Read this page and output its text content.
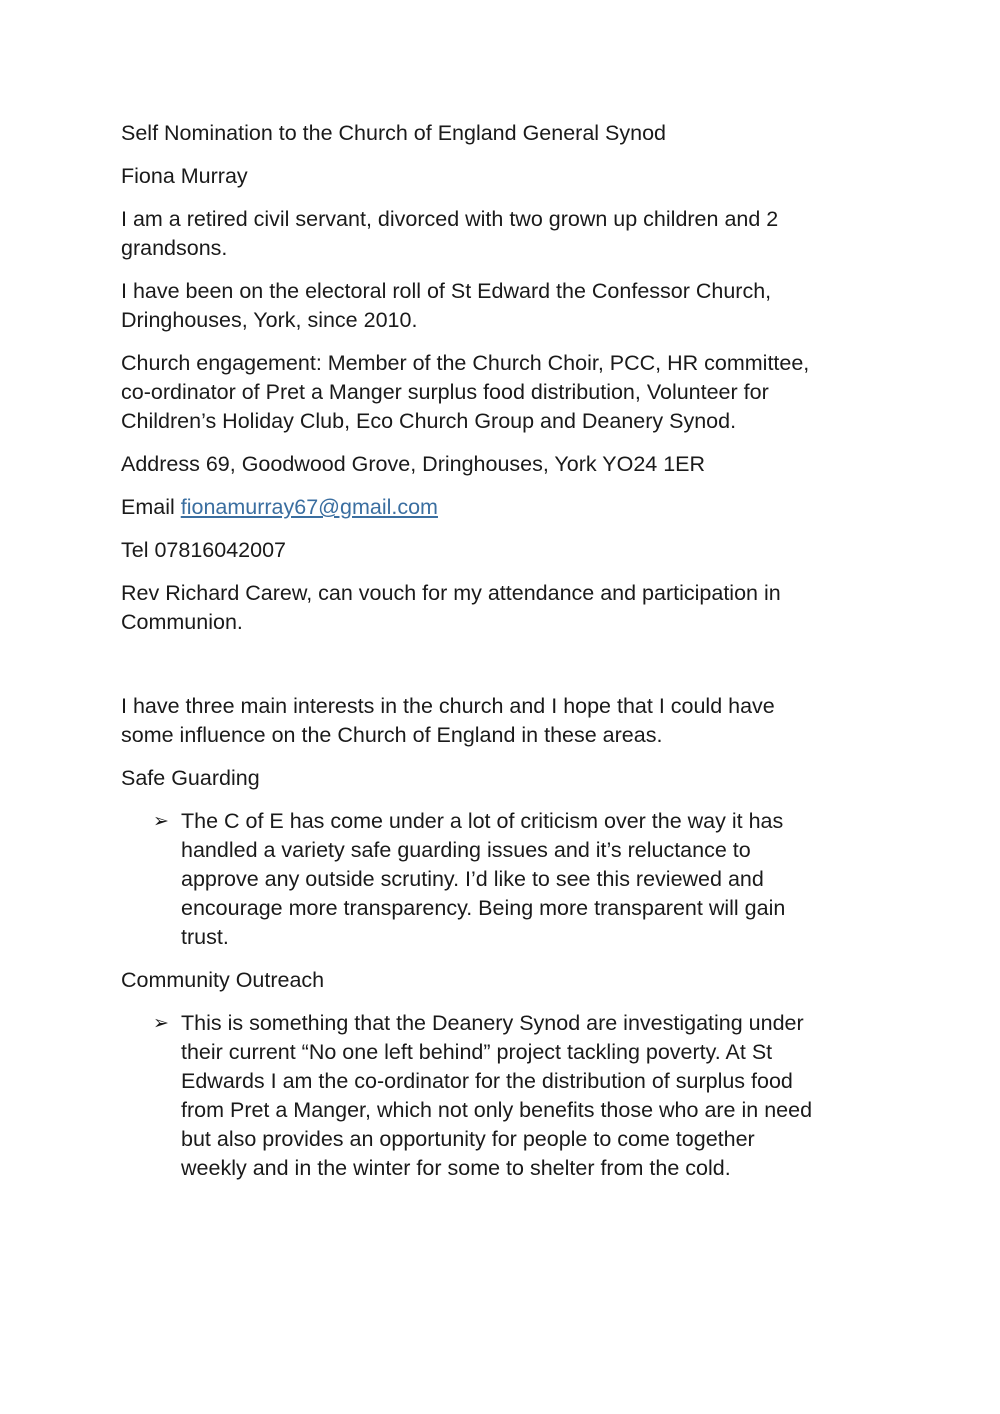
Self Nomination to the Church of England General Synod

Fiona Murray

I am a retired civil servant, divorced with two grown up children and 2
grandsons.

I have been on the electoral roll of St Edward the Confessor Church,
Dringhouses, York, since 2010.

Church engagement: Member of the Church Choir, PCC, HR committee,
co-ordinator of Pret a Manger surplus food distribution, Volunteer for
Children’s Holiday Club, Eco Church Group and Deanery Synod.

Address 69, Goodwood Grove, Dringhouses, York YO24 1ER

Email fionamurray67@gmail.com

Tel 07816042007

Rev Richard Carew, can vouch for my attendance and participation in
Communion.

I have three main interests in the church and I hope that I could have
some influence on the Church of England in these areas.

Safe Guarding

➢ The C of E has come under a lot of criticism over the way it has
handled a variety safe guarding issues and it’s reluctance to
approve any outside scrutiny. I’d like to see this reviewed and
encourage more transparency. Being more transparent will gain
trust.

Community Outreach

➢ This is something that the Deanery Synod are investigating under
their current “No one left behind” project tackling poverty. At St
Edwards I am the co-ordinator for the distribution of surplus food
from Pret a Manger, which not only benefits those who are in need
but also provides an opportunity for people to come together
weekly and in the winter for some to shelter from the cold.
